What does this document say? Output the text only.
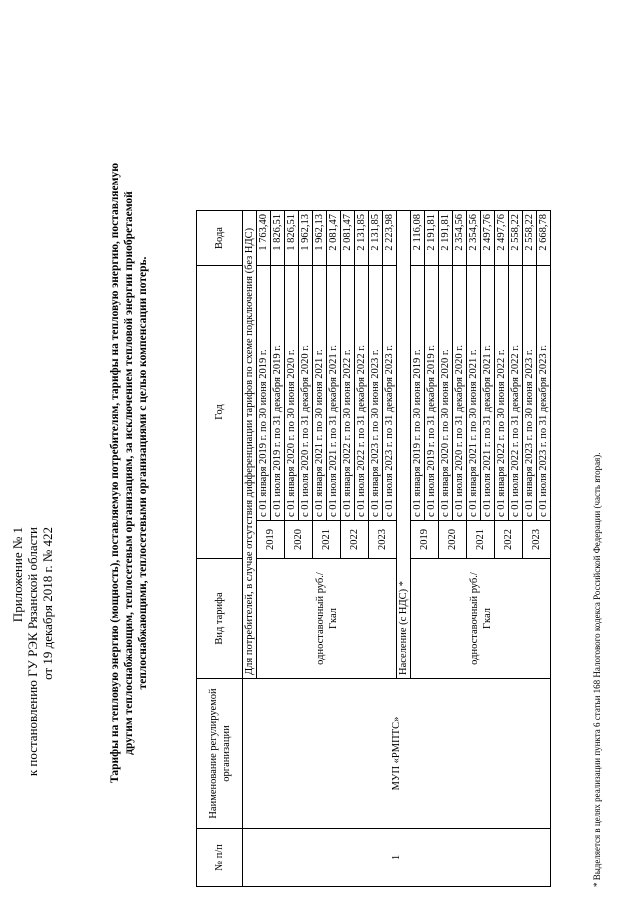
Приложение № 1 к постановлению ГУ РЭК Рязанской области от 19 декабря 2018 г. № 422	Тарифы на тепловую энергию (мощность), поставляемую потребителям, тарифы на тепловую энергию, поставляемую другим теплоснабжающим, теплосетевым организациям, за исключением тепловой энергии приобретаемой теплоснабжающими, теплосетевыми организациями с целью компенсации потерь.
№ п/п	Наименование регулируемой организации	Вид тарифа	Год		Вода
1	МУП «РМПТС»	Для потребителей, в случае отсутствия дифференциации тарифов по схеме подключения (без НДС)			
		одноставочный руб./Гкал	2019	с 01 января 2019 г. по 30 июня 2019 г.	1 763,40
				с 01 июля 2019 г. по 31 декабря 2019 г.	1 826,51
			2020	с 01 января 2020 г. по 30 июня 2020 г.	1 826,51
				с 01 июля 2020 г. по 31 декабря 2020 г.	1 962,13
			2021	с 01 января 2021 г. по 30 июня 2021 г.	1 962,13
				с 01 июля 2021 г. по 31 декабря 2021 г.	2 081,47
			2022	с 01 января 2022 г. по 30 июня 2022 г.	2 081,47
				с 01 июля 2022 г. по 31 декабря 2022 г.	2 131,85
			2023	с 01 января 2023 г. по 30 июня 2023 г.	2 131,85
				с 01 июля 2023 г. по 31 декабря 2023 г.	2 223,98
		Население (с НДС) *			
		одноставочный руб./Гкал	2019	с 01 января 2019 г. по 30 июня 2019 г.	2 116,08
				с 01 июля 2019 г. по 31 декабря 2019 г.	2 191,81
			2020	с 01 января 2020 г. по 30 июня 2020 г.	2 191,81
				с 01 июля 2020 г. по 31 декабря 2020 г.	2 354,56
			2021	с 01 января 2021 г. по 30 июня 2021 г.	2 354,56
				с 01 июля 2021 г. по 31 декабря 2021 г.	2 497,76
			2022	с 01 января 2022 г. по 30 июня 2022 г.	2 497,76
				с 01 июля 2022 г. по 31 декабря 2022 г.	2 558,22
			2023	с 01 января 2023 г. по 30 июня 2023 г.	2 558,22
				с 01 июля 2023 г. по 31 декабря 2023 г.	2 668,78
* Выделяется в целях реализации пункта 6 статьи 168 Налогового кодекса Российской Федерации (часть вторая).
